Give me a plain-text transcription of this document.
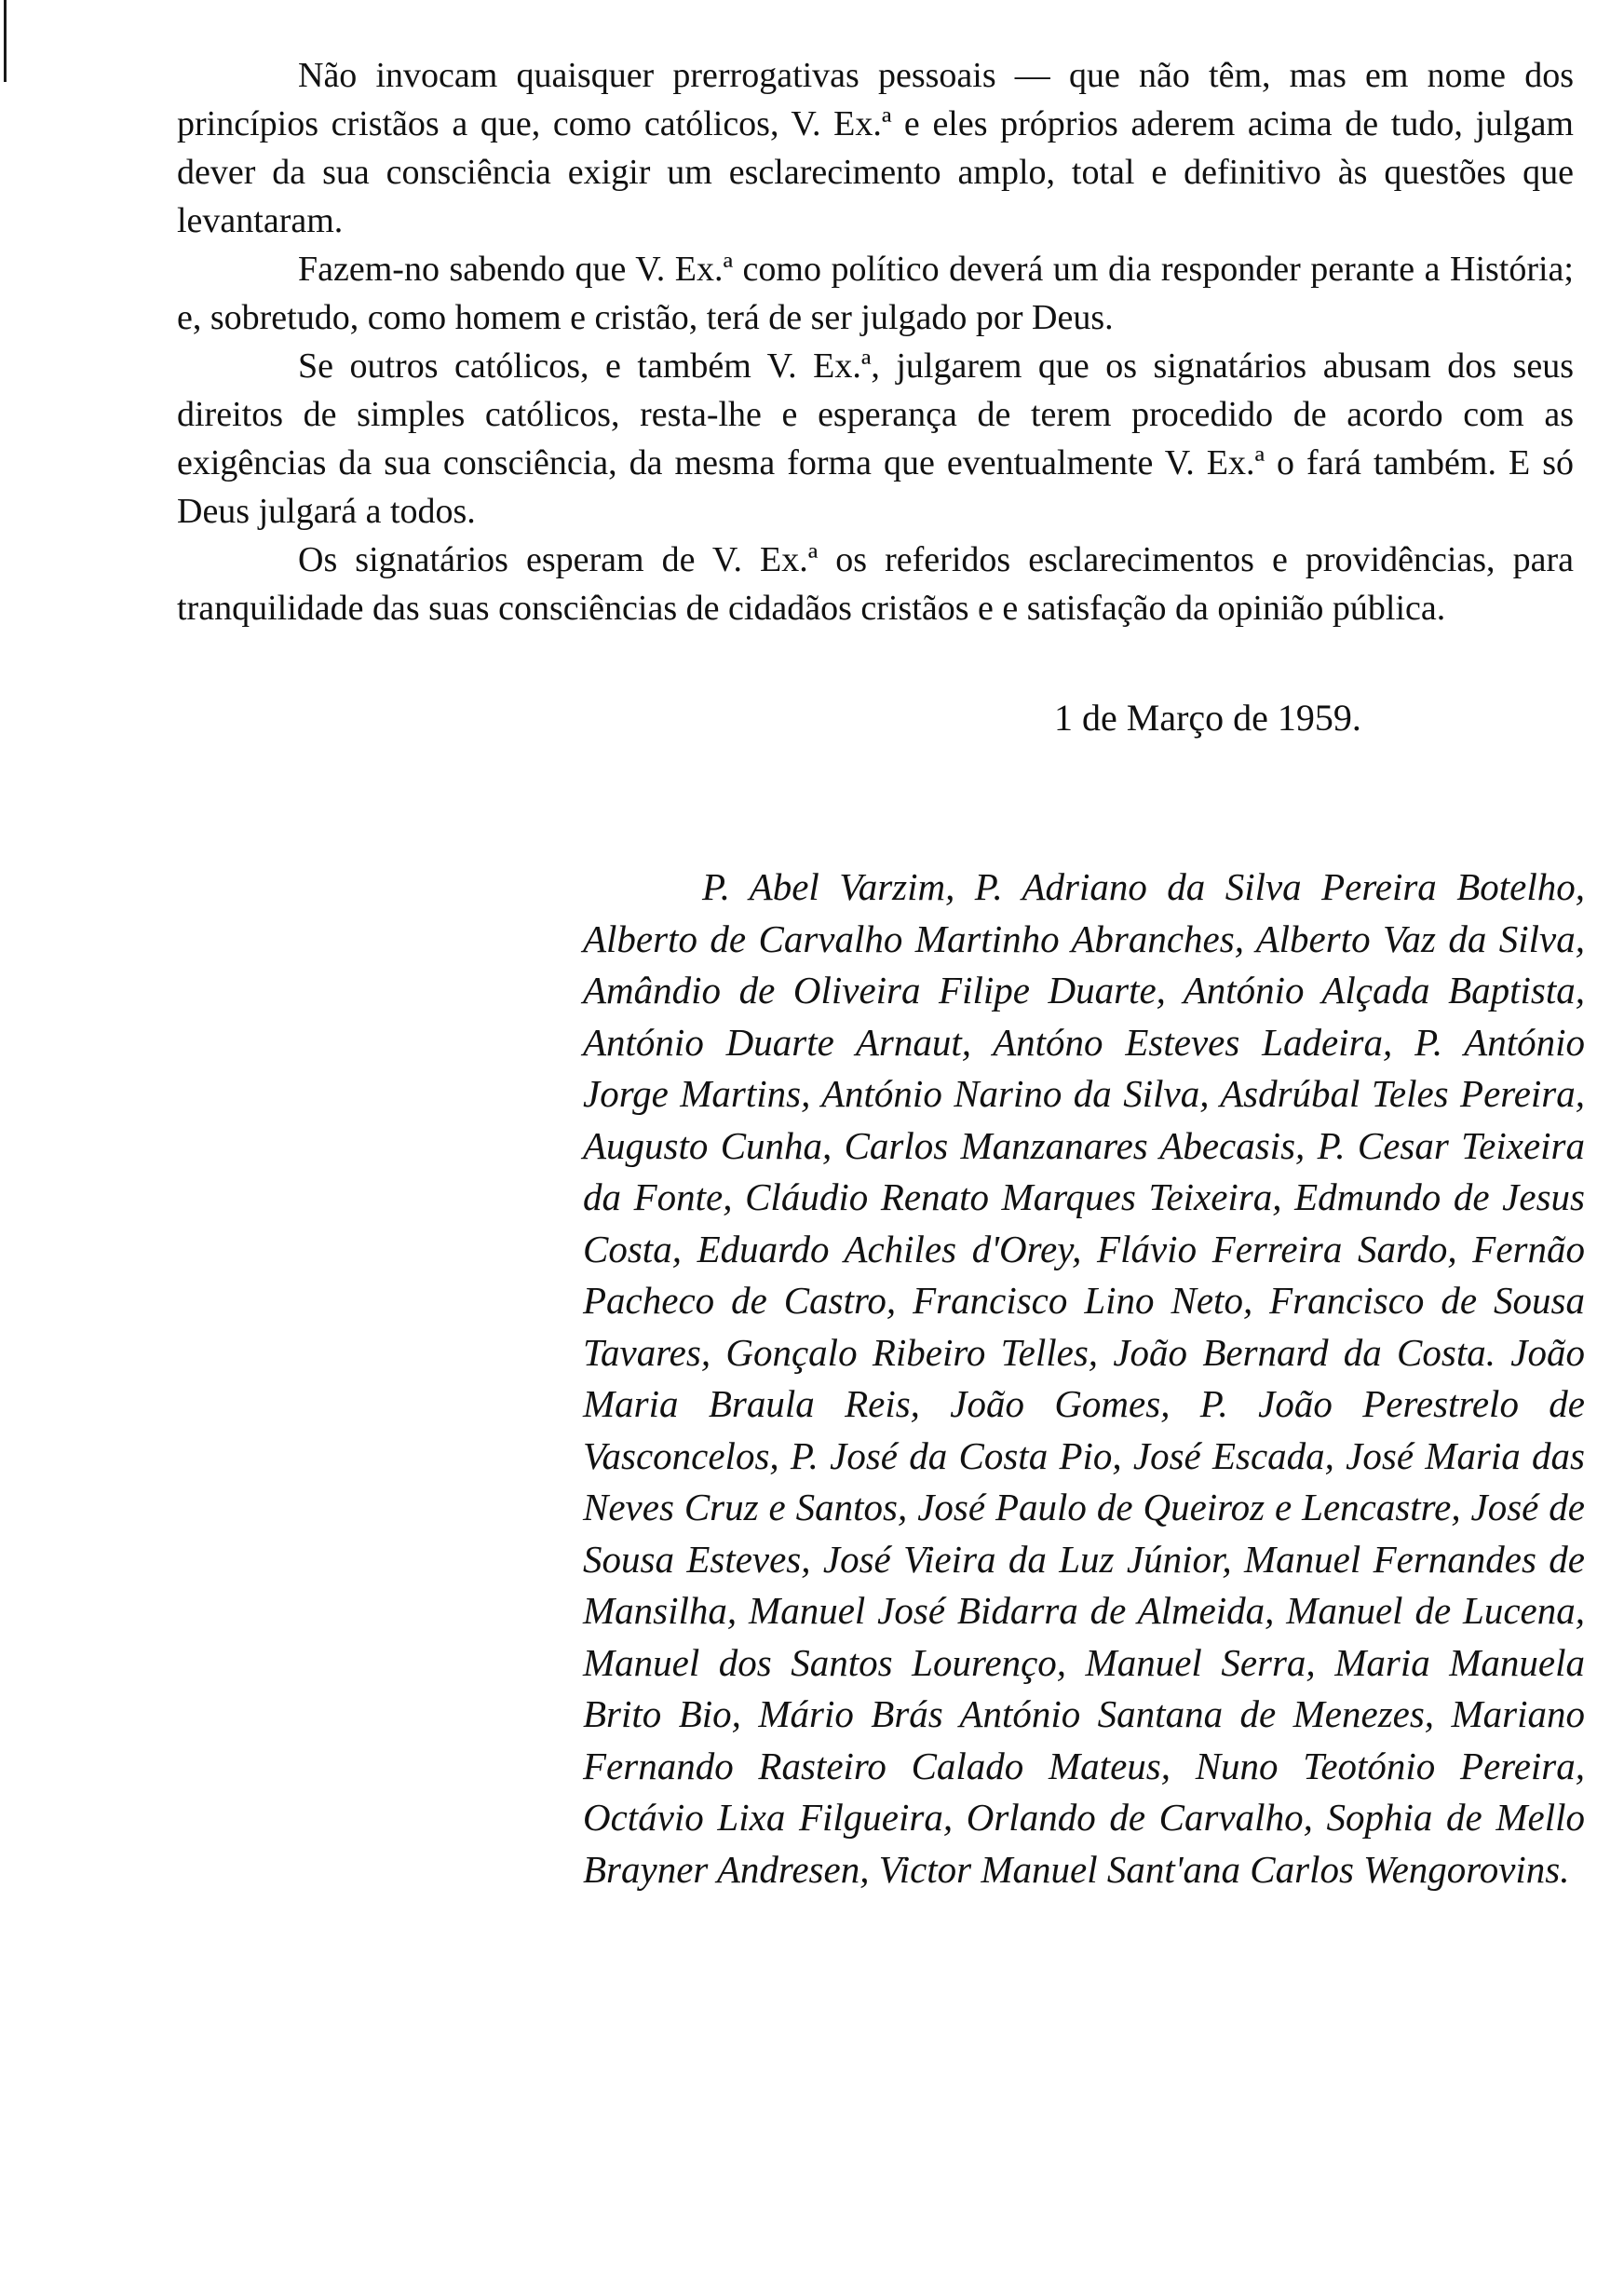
Não invocam quaisquer prerrogativas pessoais — que não têm, mas em nome dos princípios cristãos a que, como católicos, V. Ex.ª e eles próprios aderem acima de tudo, julgam dever da sua consciência exigir um esclarecimento amplo, total e definitivo às questões que levantaram.

Fazem-no sabendo que V. Ex.ª como político deverá um dia responder perante a História; e, sobretudo, como homem e cristão, terá de ser julgado por Deus.

Se outros católicos, e também V. Ex.ª, julgarem que os signatários abusam dos seus direitos de simples católicos, resta-lhe e esperança de terem procedido de acordo com as exigências da sua consciência, da mesma forma que eventualmente V. Ex.ª o fará também. E só Deus julgará a todos.

Os signatários esperam de V. Ex.ª os referidos esclarecimentos e providências, para tranquilidade das suas consciências de cidadãos cristãos e e satisfação da opinião pública.

1 de Março de 1959.

P. Abel Varzim, P. Adriano da Silva Pereira Botelho, Alberto de Carvalho Martinho Abranches, Alberto Vaz da Silva, Amândio de Oliveira Filipe Duarte, António Alçada Baptista, António Duarte Arnaut, Antóno Esteves Ladeira, P. António Jorge Martins, António Narino da Silva, Asdrúbal Teles Pereira, Augusto Cunha, Carlos Manzanares Abecasis, P. Cesar Teixeira da Fonte, Cláudio Renato Marques Teixeira, Edmundo de Jesus Costa, Eduardo Achiles d'Orey, Flávio Ferreira Sardo, Fernão Pacheco de Castro, Francisco Lino Neto, Francisco de Sousa Tavares, Gonçalo Ribeiro Telles, João Bernard da Costa. João Maria Braula Reis, João Gomes, P. João Perestrelo de Vasconcelos, P. José da Costa Pio, José Escada, José Maria das Neves Cruz e Santos, José Paulo de Queiroz e Lencastre, José de Sousa Esteves, José Vieira da Luz Júnior, Manuel Fernandes de Mansilha, Manuel José Bidarra de Almeida, Manuel de Lucena, Manuel dos Santos Lourenço, Manuel Serra, Maria Manuela Brito Bio, Mário Brás António Santana de Menezes, Mariano Fernando Rasteiro Calado Mateus, Nuno Teotónio Pereira, Octávio Lixa Filgueira, Orlando de Carvalho, Sophia de Mello Brayner Andresen, Victor Manuel Sant'ana Carlos Wengorovins.
